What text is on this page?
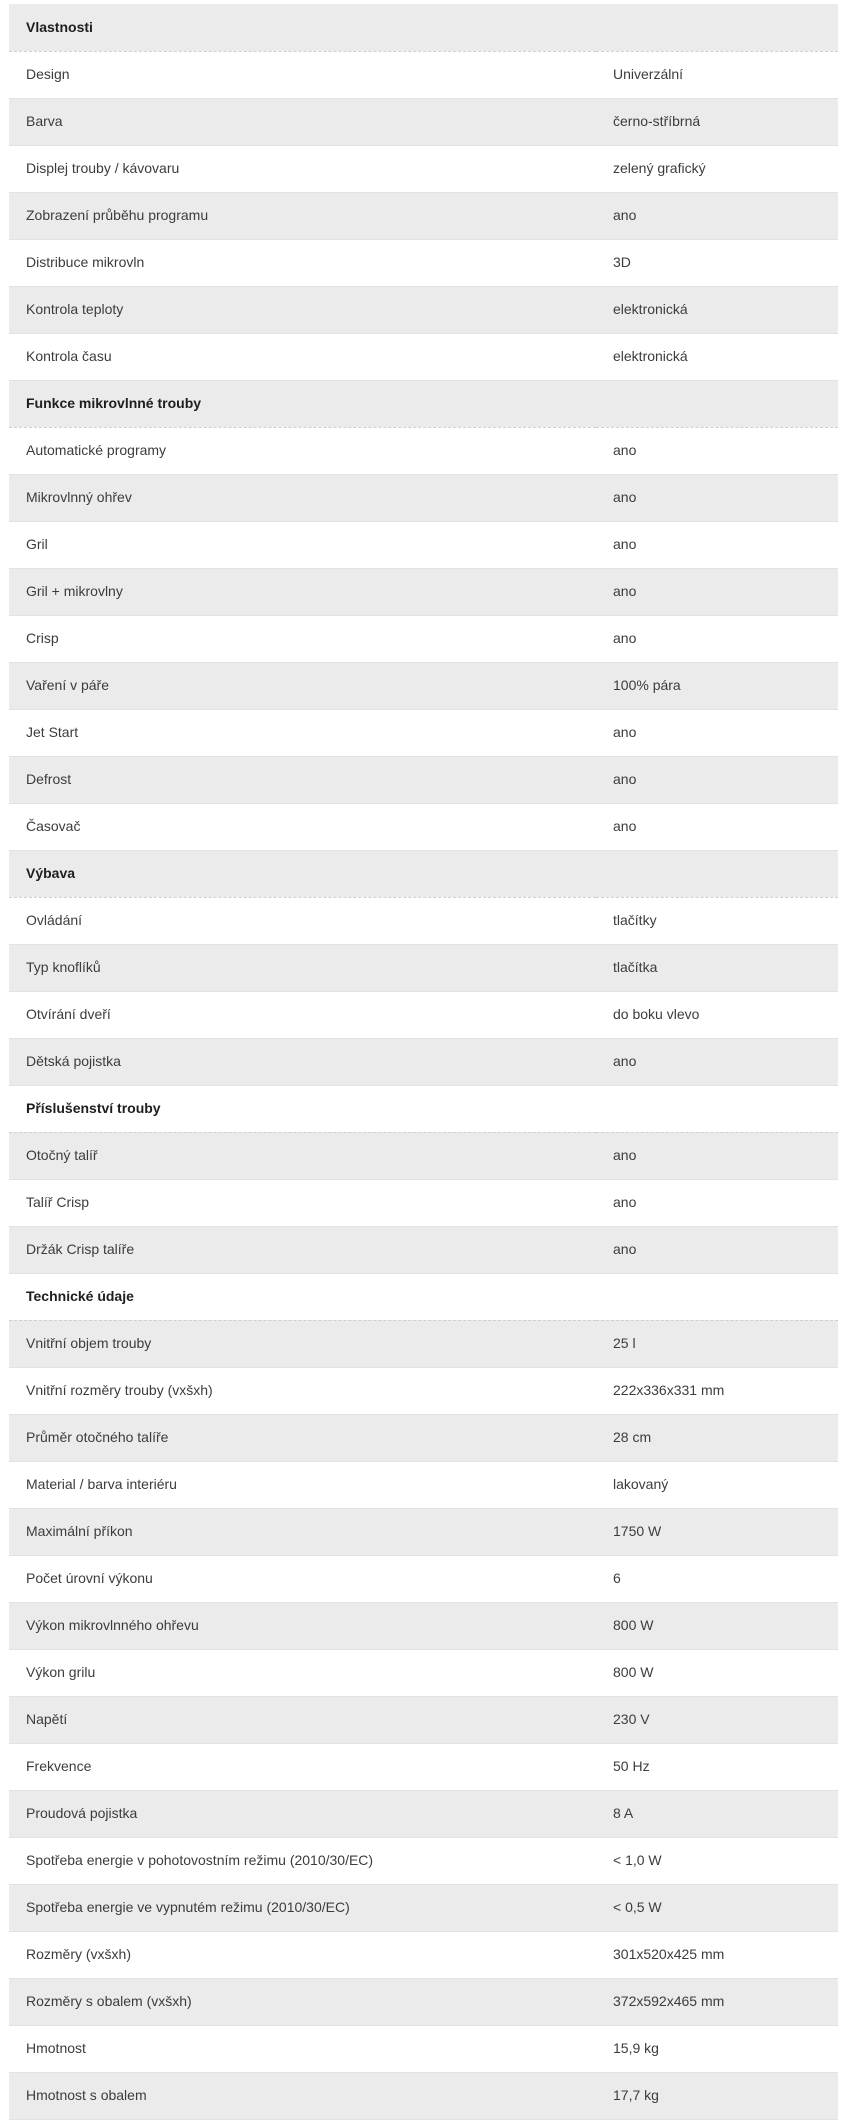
Vlastnosti	
Design	Univerzální
Barva	černo-stříbrná
Displej trouby / kávovaru	zelený grafický
Zobrazení průběhu programu	ano
Distribuce mikrovln	3D
Kontrola teploty	elektronická
Kontrola času	elektronická
Funkce mikrovlnné trouby	
Automatické programy	ano
Mikrovlnný ohřev	ano
Gril	ano
Gril + mikrovlny	ano
Crisp	ano
Vaření v páře	100% pára
Jet Start	ano
Defrost	ano
Časovač	ano
Výbava	
Ovládání	tlačítky
Typ knoflíků	tlačítka
Otvírání dveří	do boku vlevo
Dětská pojistka	ano
Příslušenství trouby	
Otočný talíř	ano
Talíř Crisp	ano
Držák Crisp talíře	ano
Technické údaje	
Vnitřní objem trouby	25 l
Vnitřní rozměry trouby (vxšxh)	222x336x331 mm
Průměr otočného talíře	28 cm
Material / barva interiéru	lakovaný
Maximální příkon	1750 W
Počet úrovní výkonu	6
Výkon mikrovlnného ohřevu	800 W
Výkon grilu	800 W
Napětí	230 V
Frekvence	50 Hz
Proudová pojistka	8 A
Spotřeba energie v pohotovostním režimu (2010/30/EC)	< 1,0 W
Spotřeba energie ve vypnutém režimu (2010/30/EC)	< 0,5 W
Rozměry (vxšxh)	301x520x425 mm
Rozměry s obalem (vxšxh)	372x592x465 mm
Hmotnost	15,9 kg
Hmotnost s obalem	17,7 kg
